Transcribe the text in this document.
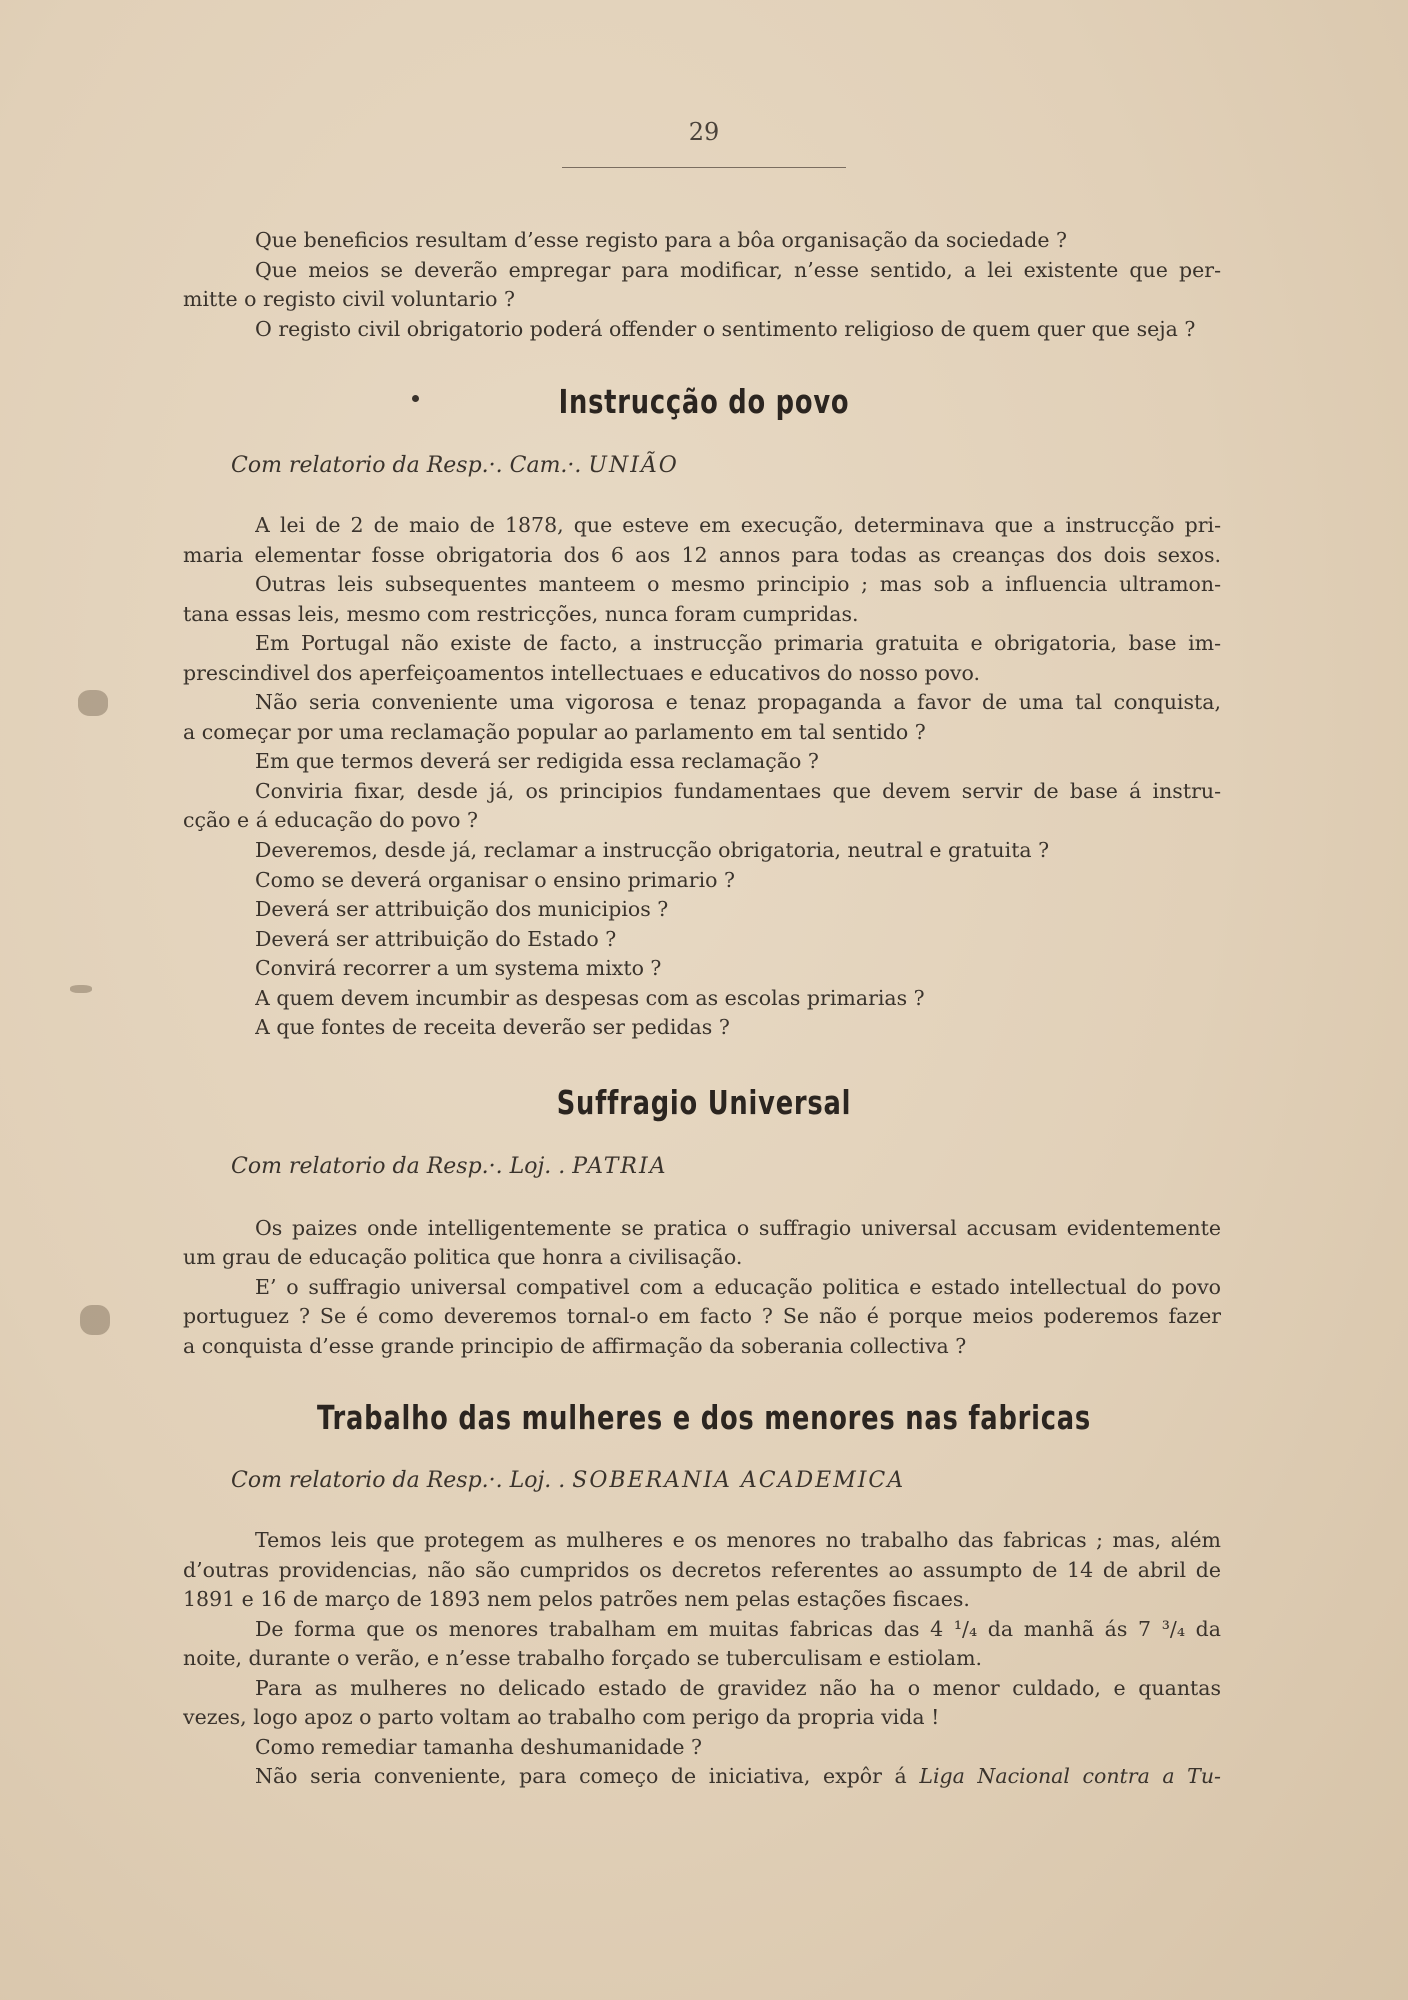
29
Que beneficios resultam d’esse registo para a bôa organisação da sociedade ?
Que meios se deverão empregar para modificar, n’esse sentido, a lei existente que per-
mitte o registo civil voluntario ?
O registo civil obrigatorio poderá offender o sentimento religioso de quem quer que seja ?
Instrucção do povo
Com relatorio da Resp.·. Cam.·. UNIÃO
A lei de 2 de maio de 1878, que esteve em execução, determinava que a instrucção pri-
maria elementar fosse obrigatoria dos 6 aos 12 annos para todas as creanças dos dois sexos.
Outras leis subsequentes manteem o mesmo principio ; mas sob a influencia ultramon-
tana essas leis, mesmo com restricções, nunca foram cumpridas.
Em Portugal não existe de facto, a instrucção primaria gratuita e obrigatoria, base im-
prescindivel dos aperfeiçoamentos intellectuaes e educativos do nosso povo.
Não seria conveniente uma vigorosa e tenaz propaganda a favor de uma tal conquista,
a começar por uma reclamação popular ao parlamento em tal sentido ?
Em que termos deverá ser redigida essa reclamação ?
Conviria fixar, desde já, os principios fundamentaes que devem servir de base á instru-
cção e á educação do povo ?
Deveremos, desde já, reclamar a instrucção obrigatoria, neutral e gratuita ?
Como se deverá organisar o ensino primario ?
Deverá ser attribuição dos municipios ?
Deverá ser attribuição do Estado ?
Convirá recorrer a um systema mixto ?
A quem devem incumbir as despesas com as escolas primarias ?
A que fontes de receita deverão ser pedidas ?
Suffragio Universal
Com relatorio da Resp.·. Loj. . PATRIA
Os paizes onde intelligentemente se pratica o suffragio universal accusam evidentemente
um grau de educação politica que honra a civilisação.
E’ o suffragio universal compativel com a educação politica e estado intellectual do povo
portuguez ? Se é como deveremos tornal-o em facto ? Se não é porque meios poderemos fazer
a conquista d’esse grande principio de affirmação da soberania collectiva ?
Trabalho das mulheres e dos menores nas fabricas
Com relatorio da Resp.·. Loj. . SOBERANIA ACADEMICA
Temos leis que protegem as mulheres e os menores no trabalho das fabricas ; mas, além
d’outras providencias, não são cumpridos os decretos referentes ao assumpto de 14 de abril de
1891 e 16 de março de 1893 nem pelos patrões nem pelas estações fiscaes.
De forma que os menores trabalham em muitas fabricas das 4 ¹/₄ da manhã ás 7 ³/₄ da
noite, durante o verão, e n’esse trabalho forçado se tuberculisam e estiolam.
Para as mulheres no delicado estado de gravidez não ha o menor culdado, e quantas
vezes, logo apoz o parto voltam ao trabalho com perigo da propria vida !
Como remediar tamanha deshumanidade ?
Não seria conveniente, para começo de iniciativa, expôr á Liga Nacional contra a Tu-
